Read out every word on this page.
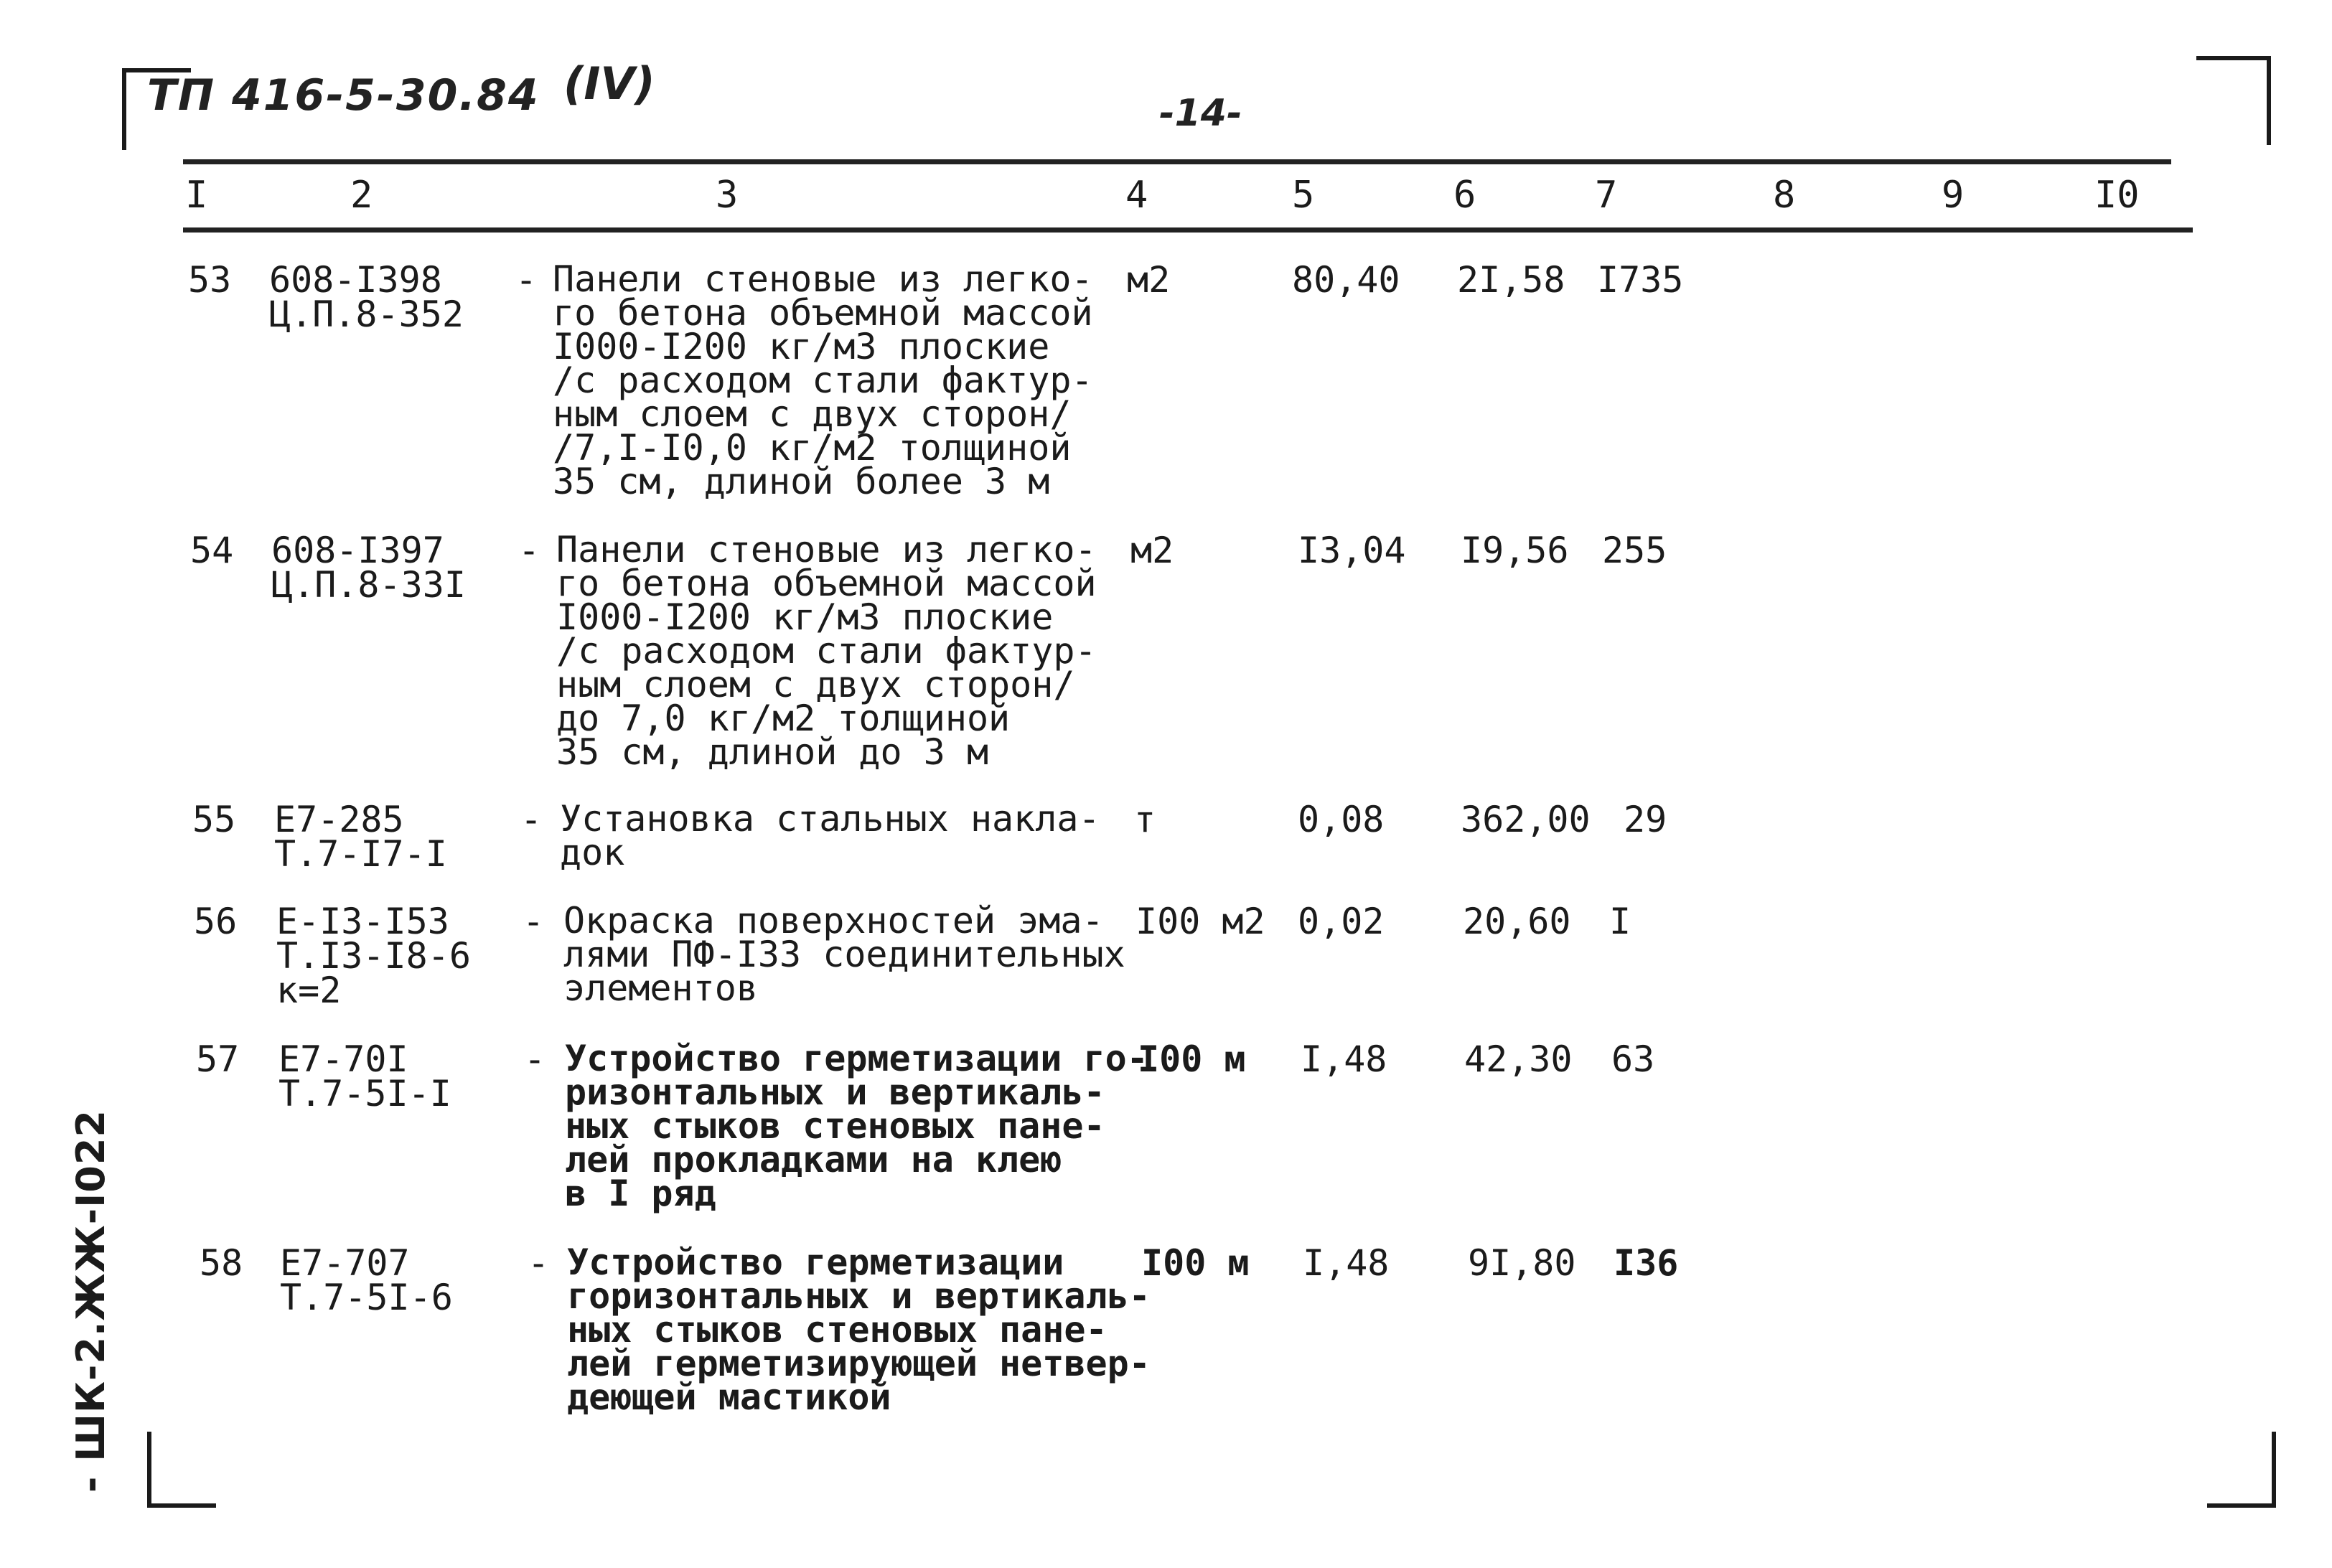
ТП 416-5-30.84 (IV)
-14-
I	2	3	4	5	6	7	8	9	I0
53 608-I398
Ц.П.8-352
- Панели стеновые из легко-
го бетона объемной массой
I000-I200 кг/м3 плоские
/с расходом стали фактур-
ным слоем с двух сторон/
/7,I-I0,0 кг/м2 толщиной
35 см, длиной более 3 м
м2	80,40 2I,58 I735
54 608-I397
Ц.П.8-33I
- Панели стеновые из легко-
го бетона объемной массой
I000-I200 кг/м3 плоские
/с расходом стали фактур-
ным слоем с двух сторон/
до 7,0 кг/м2 толщиной
35 см, длиной до 3 м
м2	I3,04 I9,56 255
55 Е7-285
Т.7-I7-I
- Установка стальных накла-
док
т	0,08 362,00 29
56 Е-I3-I53
Т.I3-I8-6
к=2
- Окраска поверхностей эма-
лями ПФ-I33 соединительных
элементов
I00 м2 0,02 20,60 I
57 Е7-70I
Т.7-5I-I
- Устройство герметизации го-
ризонтальных и вертикаль-
ных стыков стеновых пане-
лей прокладками на клею
в I ряд
I00 м I,48 42,30 63
58 Е7-707
Т.7-5I-6
- Устройство герметизации
горизонтальных и вертикаль-
ных стыков стеновых пане-
лей герметизирующей нетвер-
деющей мастикой
I00 м I,48 9I,80 I36
- ШК-2.ЖЖ-I022
